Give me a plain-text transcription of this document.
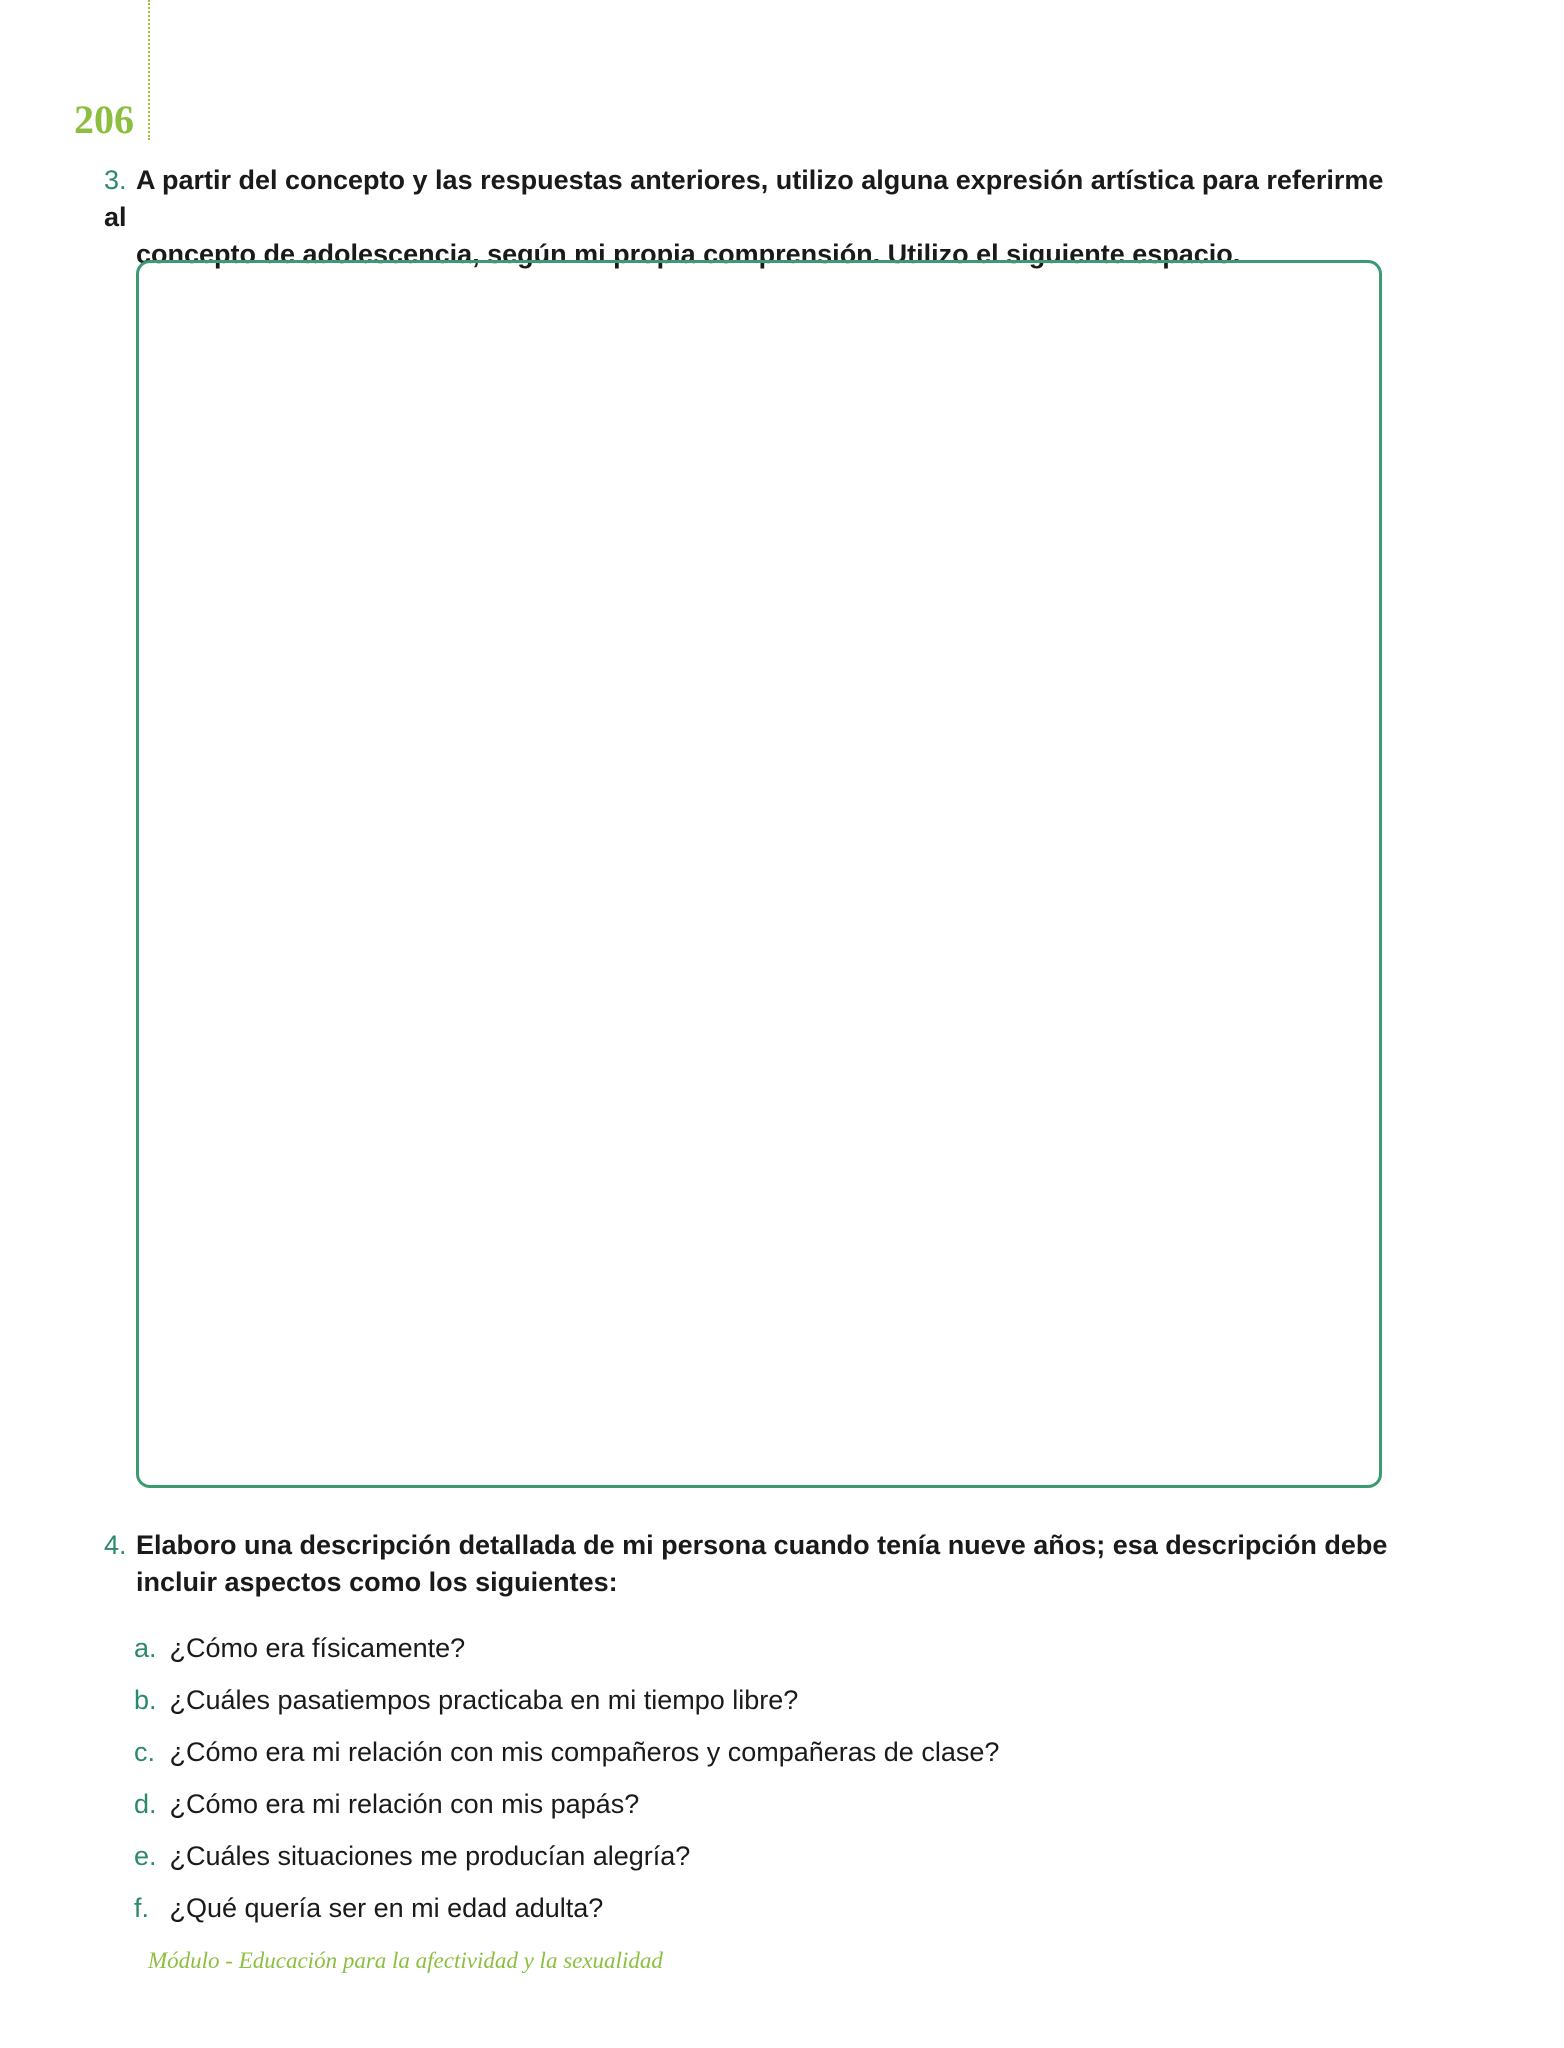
206
3. A partir del concepto y las respuestas anteriores, utilizo alguna expresión artística para referirme al
concepto de adolescencia, según mi propia comprensión. Utilizo el siguiente espacio.
4. Elaboro una descripción detallada de mi persona cuando tenía nueve años; esa descripción debe
incluir aspectos como los siguientes:
a. ¿Cómo era físicamente?
b. ¿Cuáles pasatiempos practicaba en mi tiempo libre?
c. ¿Cómo era mi relación con mis compañeros y compañeras de clase?
d. ¿Cómo era mi relación con mis papás?
e. ¿Cuáles situaciones me producían alegría?
f. ¿Qué quería ser en mi edad adulta?
Módulo - Educación para la afectividad y la sexualidad
